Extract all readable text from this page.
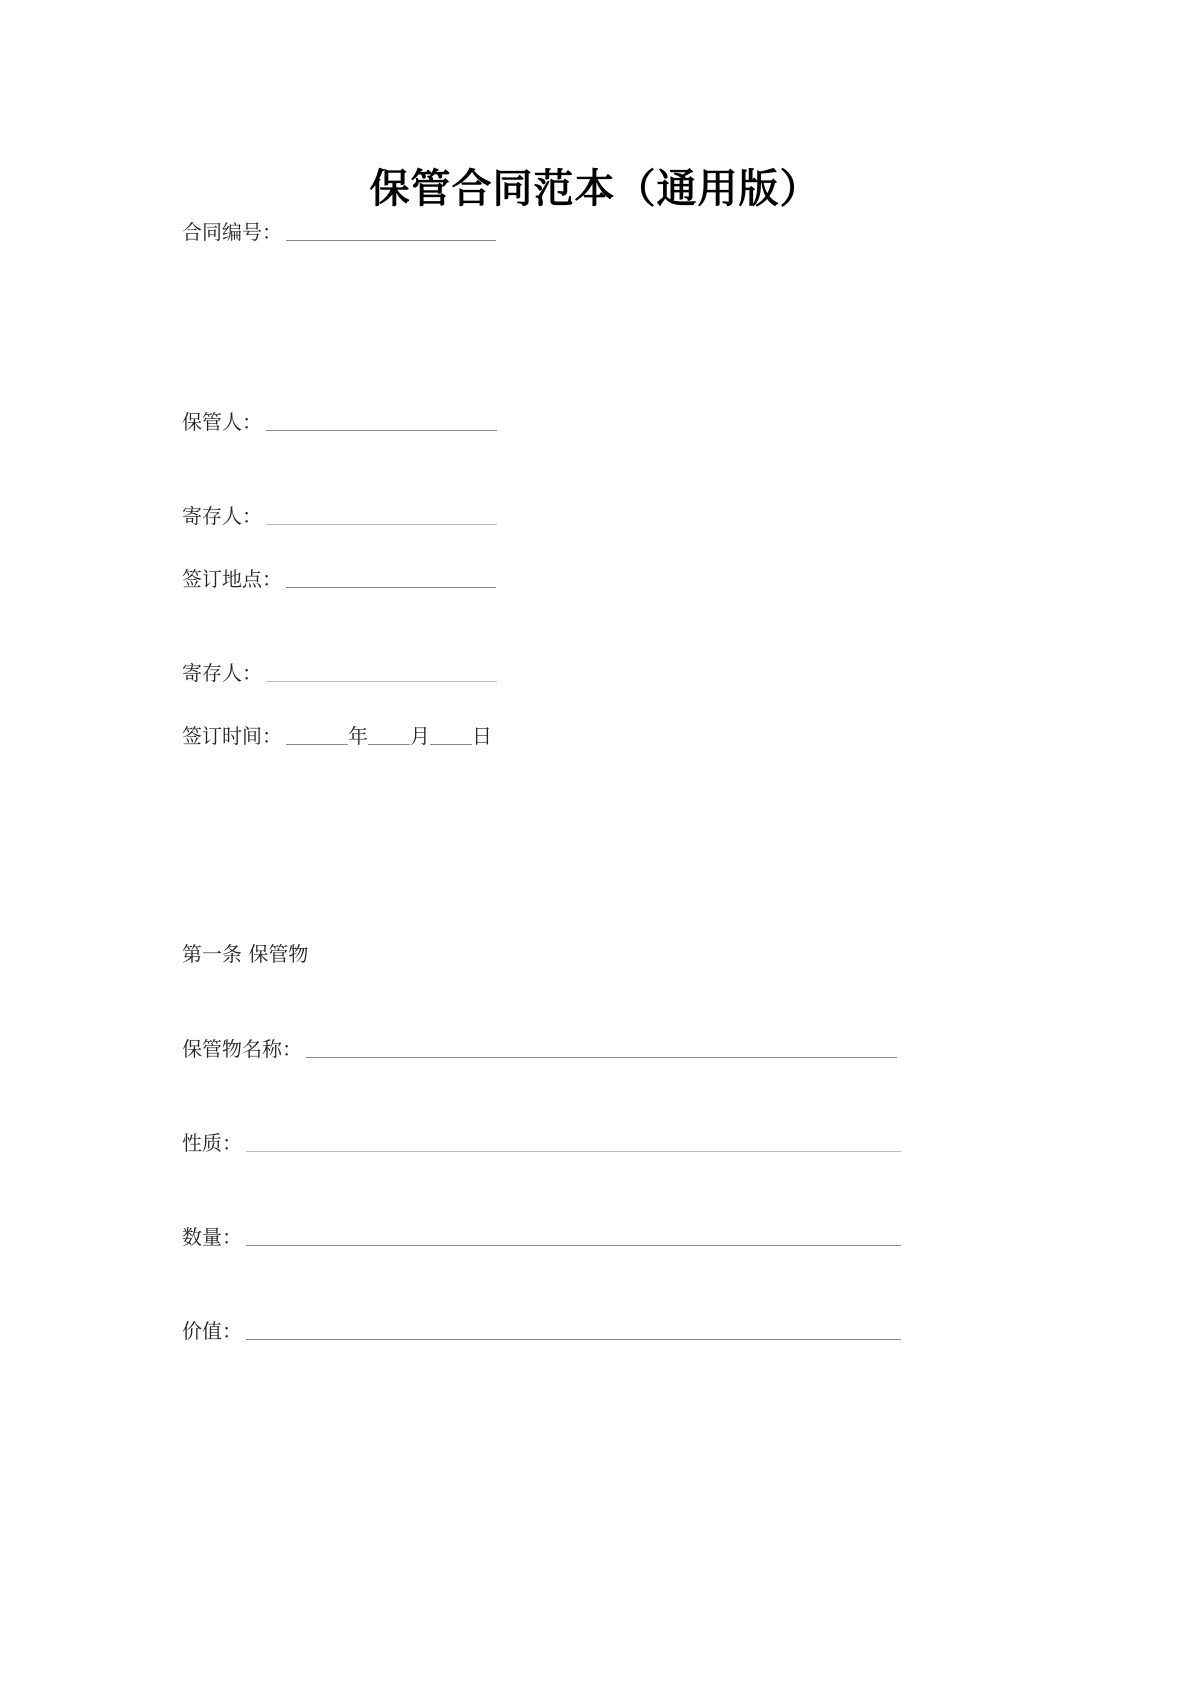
保管合同范本（通用版）
合同编号：
保管人：
寄存人：
签订地点：
寄存人：
签订时间：	年 月 日
第一条 保管物
保管物名称：
性质：
数量：
价值：
